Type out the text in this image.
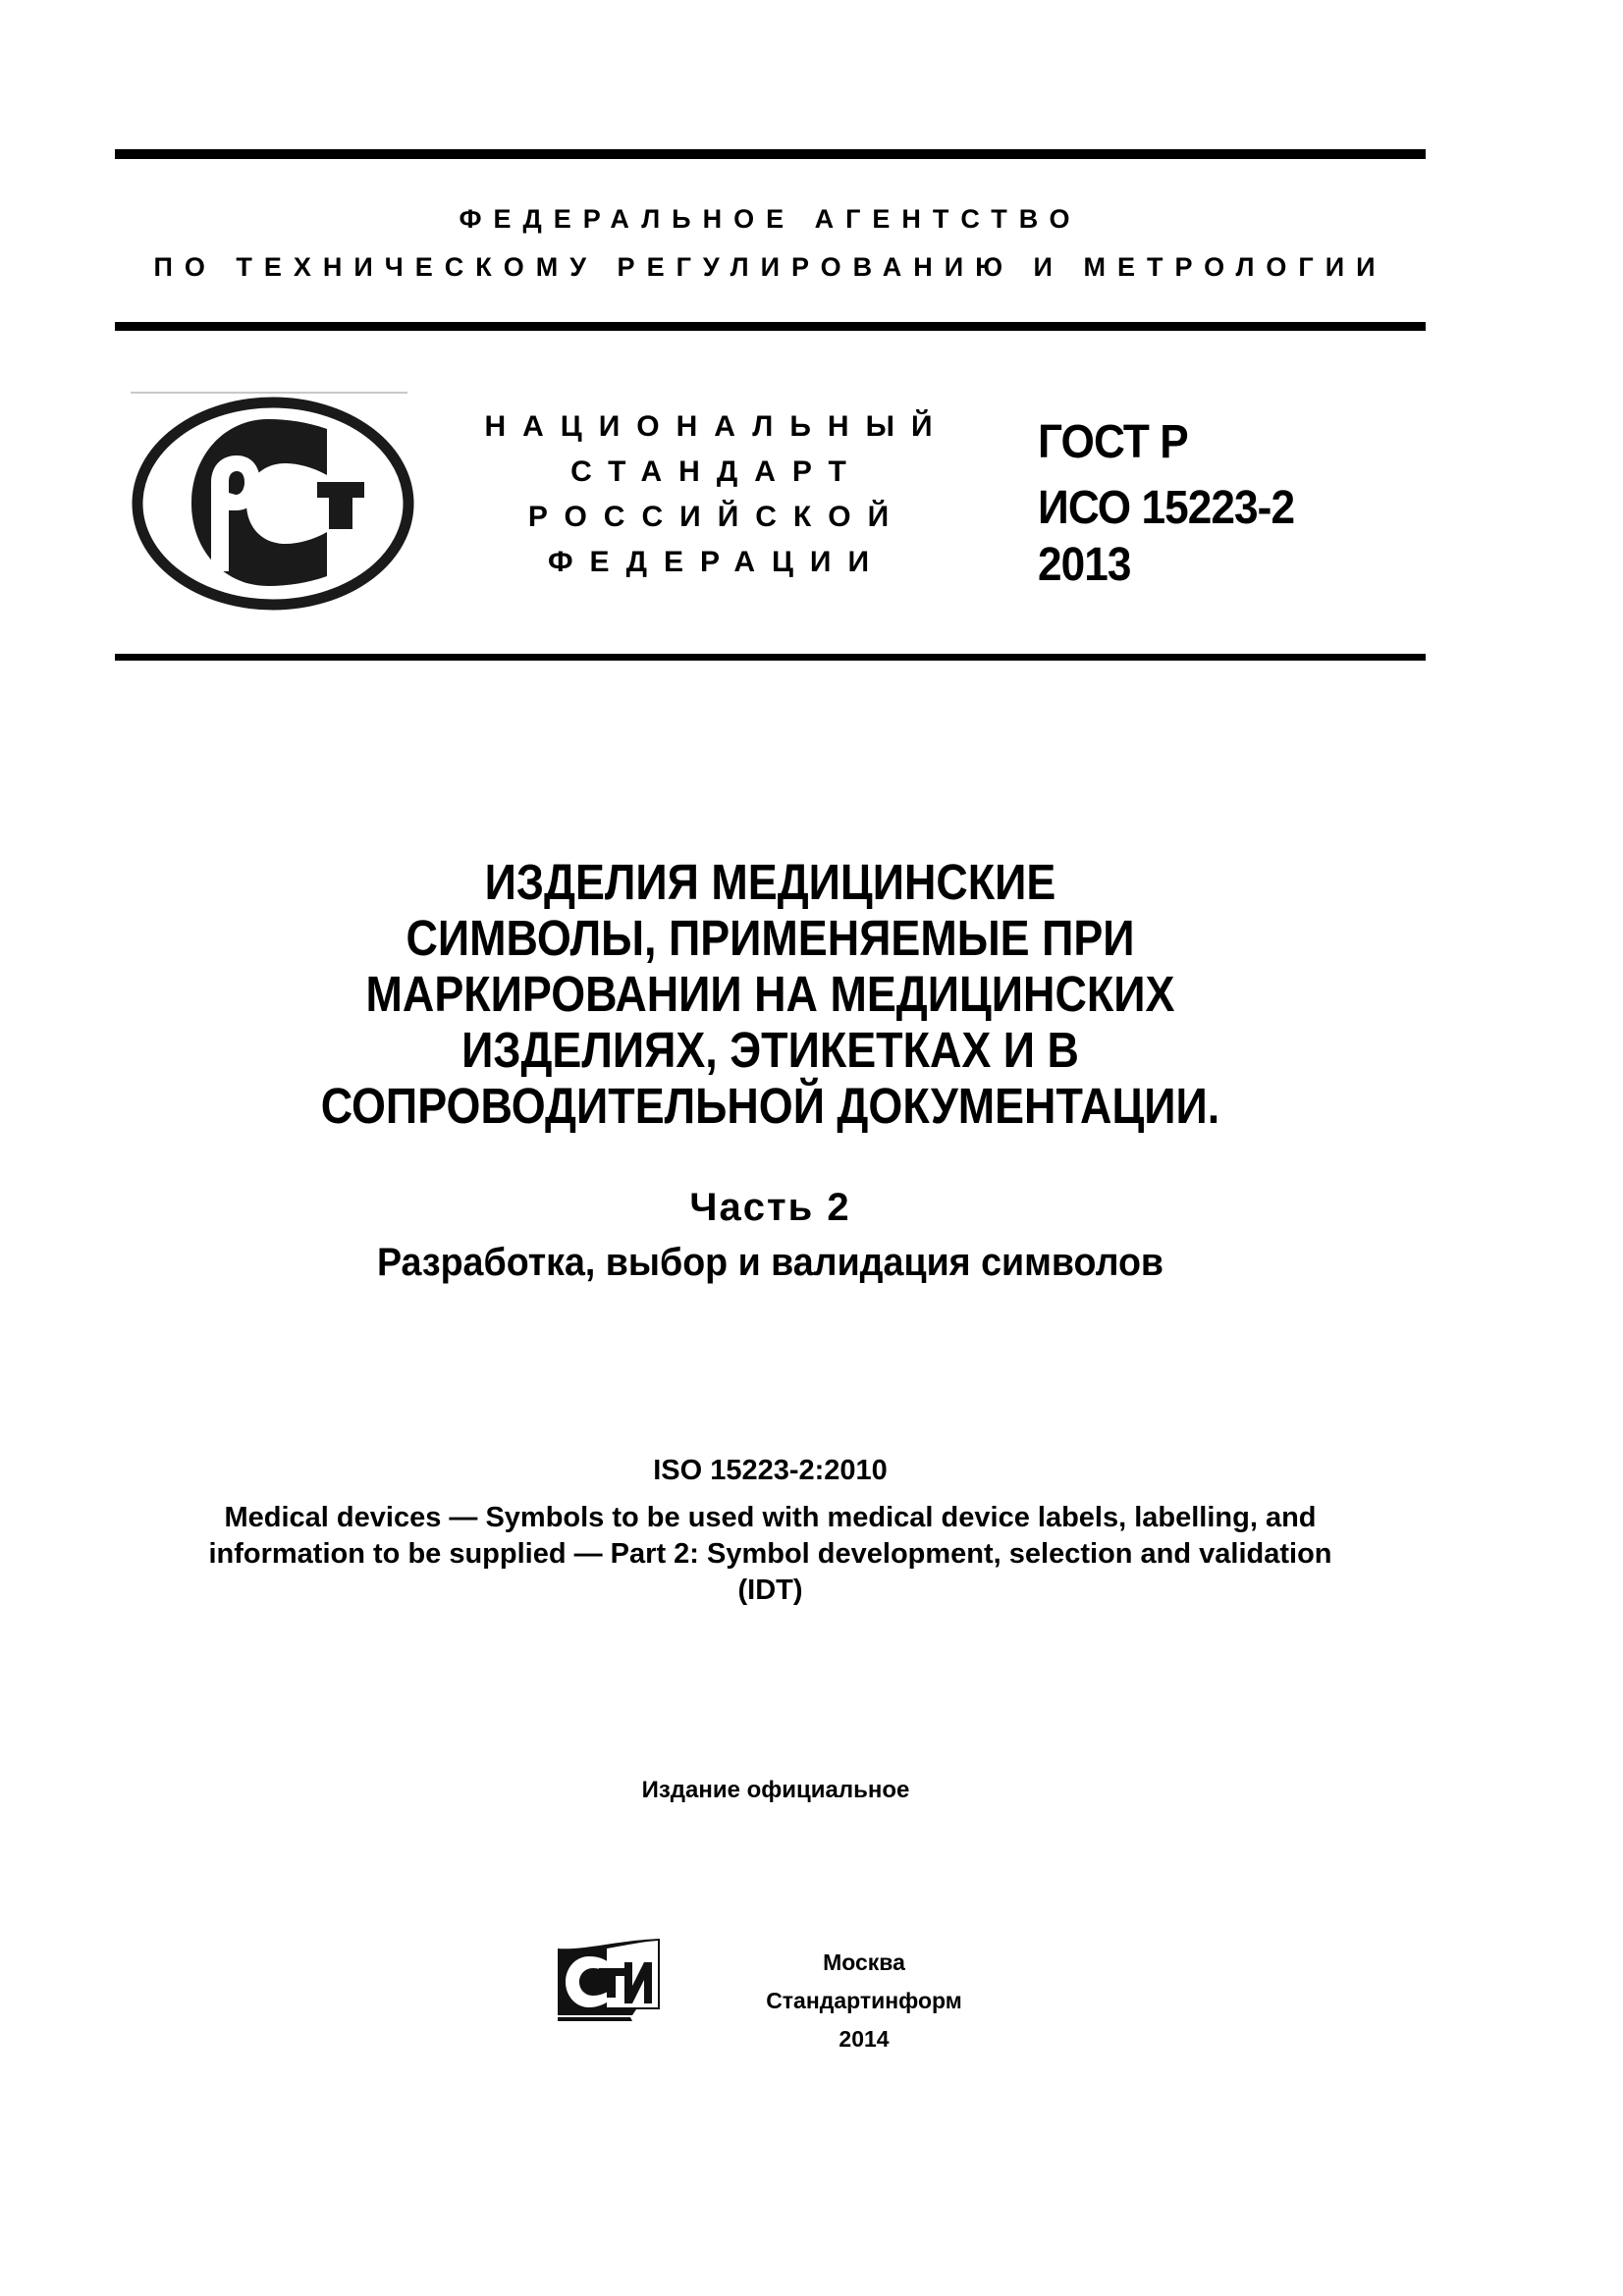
ФЕДЕРАЛЬНОЕ АГЕНТСТВО
ПО ТЕХНИЧЕСКОМУ РЕГУЛИРОВАНИЮ И МЕТРОЛОГИИ
НАЦИОНАЛЬНЫЙ
СТАНДАРТ
РОССИЙСКОЙ
ФЕДЕРАЦИИ
ГОСТ Р
ИСО 15223-2
2013
ИЗДЕЛИЯ МЕДИЦИНСКИЕ
СИМВОЛЫ, ПРИМЕНЯЕМЫЕ ПРИ
МАРКИРОВАНИИ НА МЕДИЦИНСКИХ
ИЗДЕЛИЯХ, ЭТИКЕТКАХ И В
СОПРОВОДИТЕЛЬНОЙ ДОКУМЕНТАЦИИ.
Часть 2
Разработка, выбор и валидация символов
ISO 15223-2:2010
Medical devices — Symbols to be used with medical device labels, labelling, and
information to be supplied — Part 2: Symbol development, selection and validation
(IDT)
Издание официальное
Москва
Стандартинформ
2014
